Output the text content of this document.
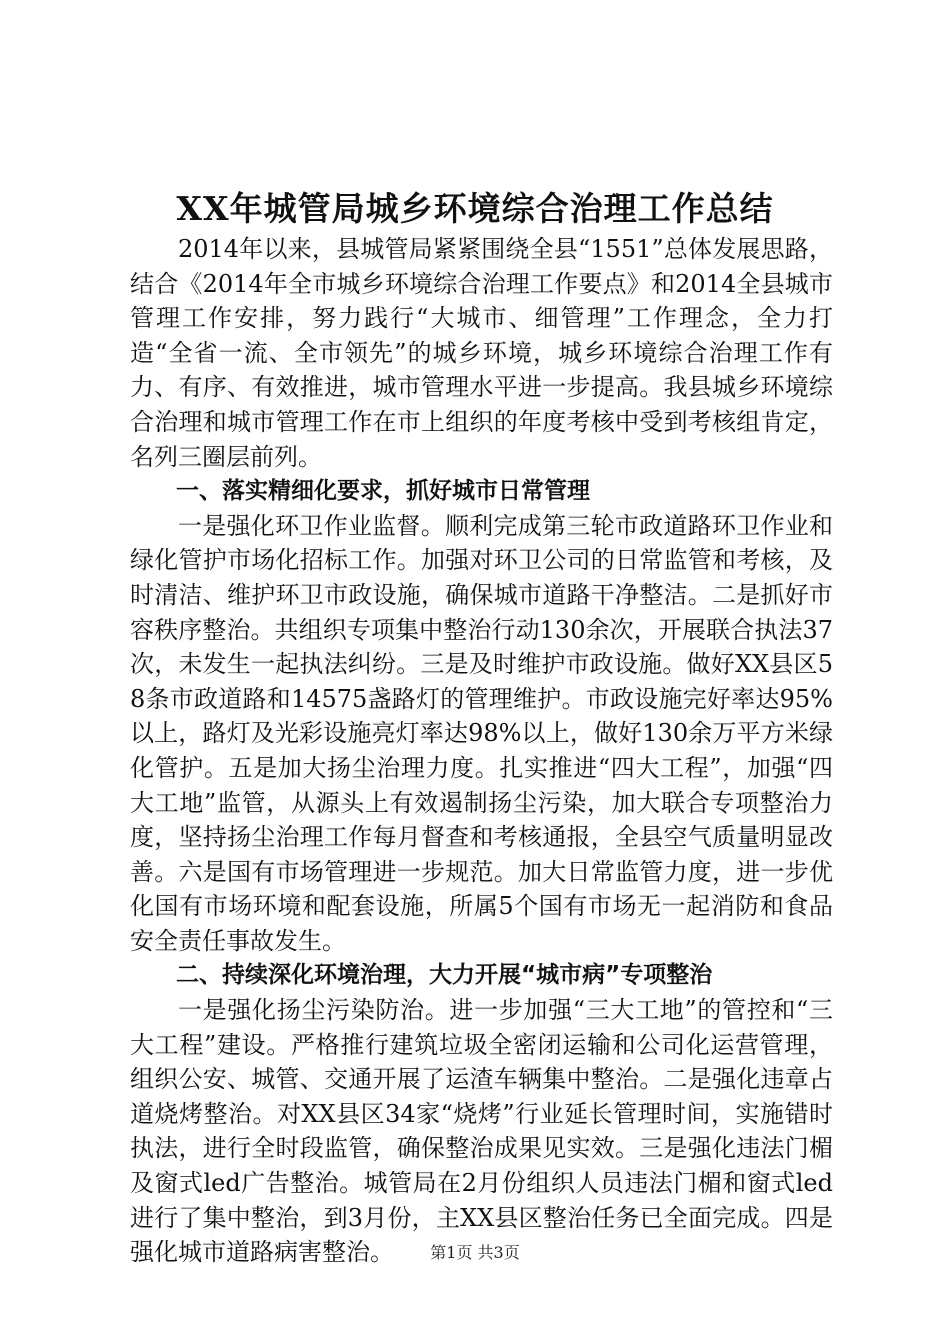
XX年城管局城乡环境综合治理工作总结

2014年以来，县城管局紧紧围绕全县“1551”总体发展思路，结合《2014年全市城乡环境综合治理工作要点》和2014全县城市管理工作安排，努力践行“大城市、细管理”工作理念，全力打造“全省一流、全市领先”的城乡环境，城乡环境综合治理工作有力、有序、有效推进，城市管理水平进一步提高。我县城乡环境综合治理和城市管理工作在市上组织的年度考核中受到考核组肯定，名列三圈层前列。

一、落实精细化要求，抓好城市日常管理

一是强化环卫作业监督。顺利完成第三轮市政道路环卫作业和绿化管护市场化招标工作。加强对环卫公司的日常监管和考核，及时清洁、维护环卫市政设施，确保城市道路干净整洁。二是抓好市容秩序整治。共组织专项集中整治行动130余次，开展联合执法37次，未发生一起执法纠纷。三是及时维护市政设施。做好XX县区58条市政道路和14575盏路灯的管理维护。市政设施完好率达95%以上，路灯及光彩设施亮灯率达98%以上，做好130余万平方米绿化管护。五是加大扬尘治理力度。扎实推进“四大工程”，加强“四大工地”监管，从源头上有效遏制扬尘污染，加大联合专项整治力度，坚持扬尘治理工作每月督查和考核通报，全县空气质量明显改善。六是国有市场管理进一步规范。加大日常监管力度，进一步优化国有市场环境和配套设施，所属5个国有市场无一起消防和食品安全责任事故发生。

二、持续深化环境治理，大力开展“城市病”专项整治

一是强化扬尘污染防治。进一步加强“三大工地”的管控和“三大工程”建设。严格推行建筑垃圾全密闭运输和公司化运营管理，组织公安、城管、交通开展了运渣车辆集中整治。二是强化违章占道烧烤整治。对XX县区34家“烧烤”行业延长管理时间，实施错时执法，进行全时段监管，确保整治成果见实效。三是强化违法门楣及窗式led广告整治。城管局在2月份组织人员违法门楣和窗式led进行了集中整治，到3月份，主XX县区整治任务已全面完成。四是强化城市道路病害整治。	第1页 共3页
